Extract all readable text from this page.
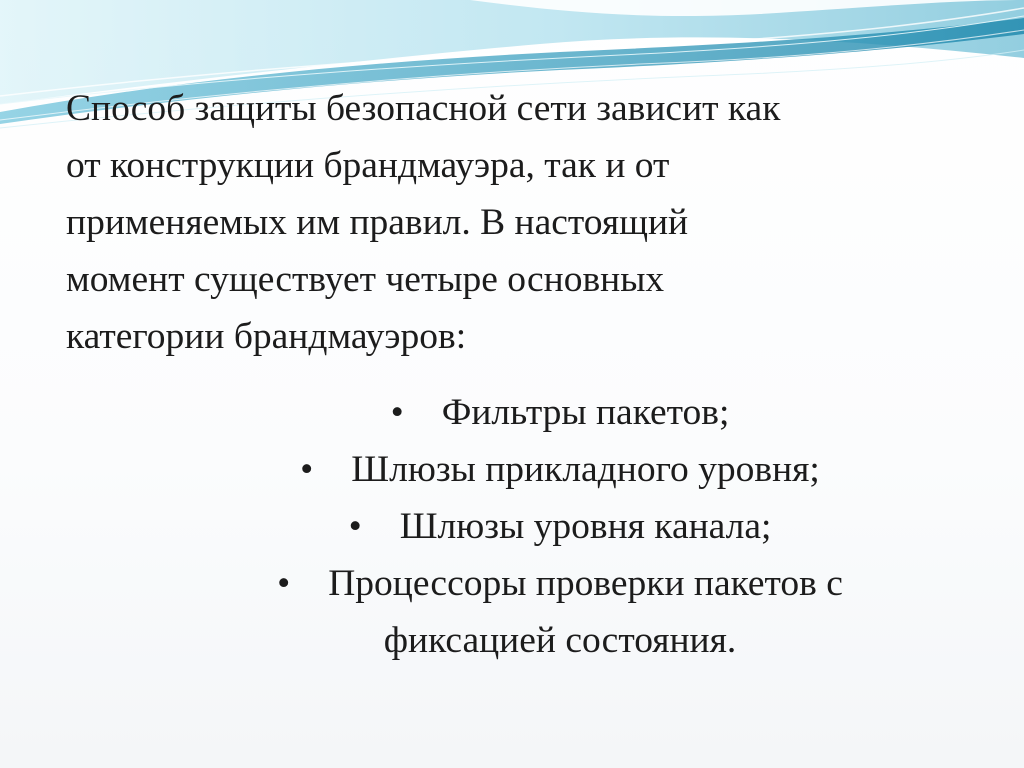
Способ защиты безопасной сети зависит как
от конструкции брандмауэра, так и от
применяемых им правил. В настоящий
момент существует четыре основных
категории брандмауэров:

• Фильтры пакетов;
• Шлюзы прикладного уровня;
• Шлюзы уровня канала;
• Процессоры проверки пакетов с
фиксацией состояния.
